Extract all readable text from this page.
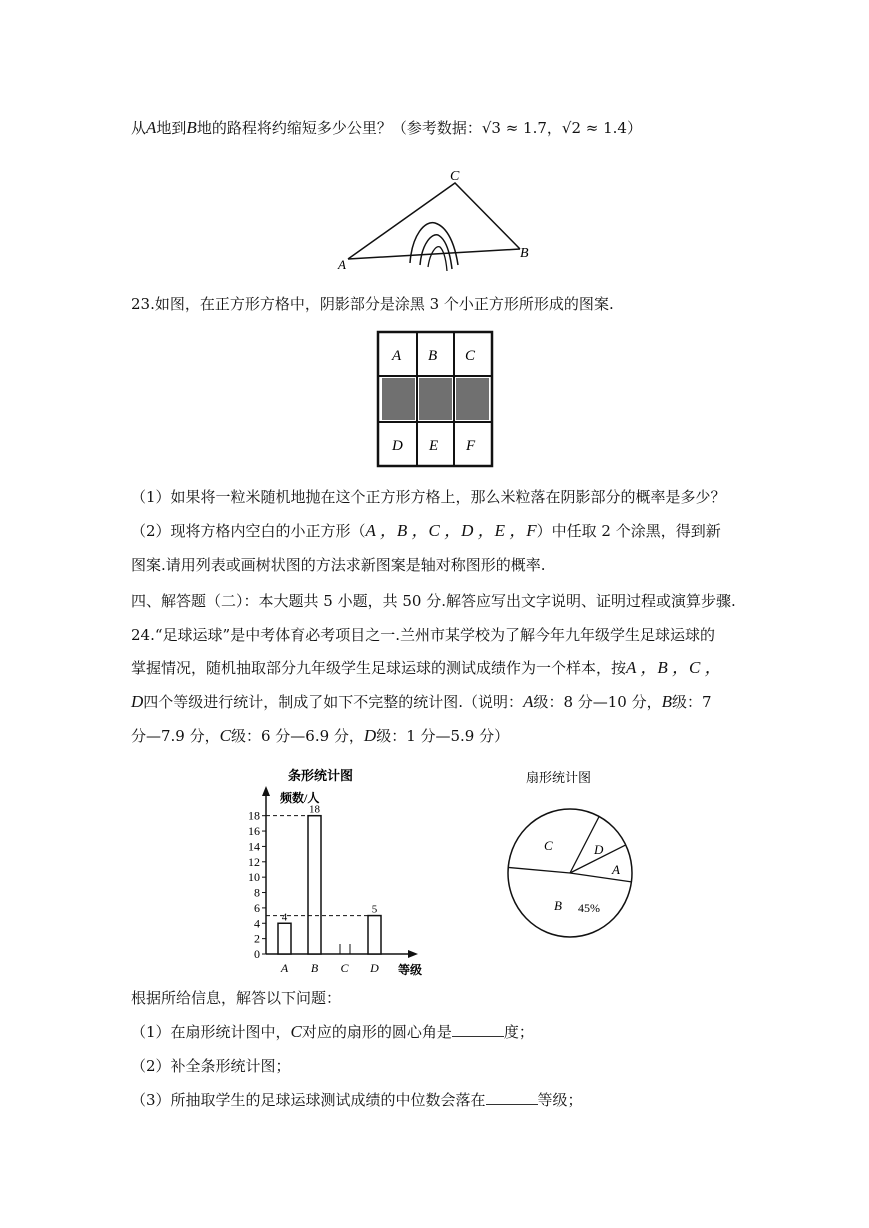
从A地到B地的路程将约缩短多少公里？（参考数据：√3 ≈ 1.7，√2 ≈ 1.4）
C
A
B
23.如图，在正方形方格中，阴影部分是涂黑 3 个小正方形所形成的图案.
A B C
D E F
（1）如果将一粒米随机地抛在这个正方形方格上，那么米粒落在阴影部分的概率是多少？
（2）现将方格内空白的小正方形（A ，B ，C ，D ，E ，F）中任取 2 个涂黑，得到新
图案.请用列表或画树状图的方法求新图案是轴对称图形的概率.
四、解答题（二）：本大题共 5 小题，共 50 分.解答应写出文字说明、证明过程或演算步骤.
24.“足球运球”是中考体育必考项目之一.兰州市某学校为了解今年九年级学生足球运球的
掌握情况，随机抽取部分九年级学生足球运球的测试成绩作为一个样本，按A ，B ，C ，
D四个等级进行统计，制成了如下不完整的统计图.（说明：A级：8 分—10 分，B级：7
分—7.9 分，C级：6 分—6.9 分，D级：1 分—5.9 分）
条形统计图
频数/人
等级
0
2
4
6
8
10
12
14
16
18
A
4
B
18
C D
5
扇形统计图
C	D
A
B 45%
根据所给信息，解答以下问题：
（1）在扇形统计图中，C对应的扇形的圆心角是	度；
（2）补全条形统计图；
（3）所抽取学生的足球运球测试成绩的中位数会落在	等级；
